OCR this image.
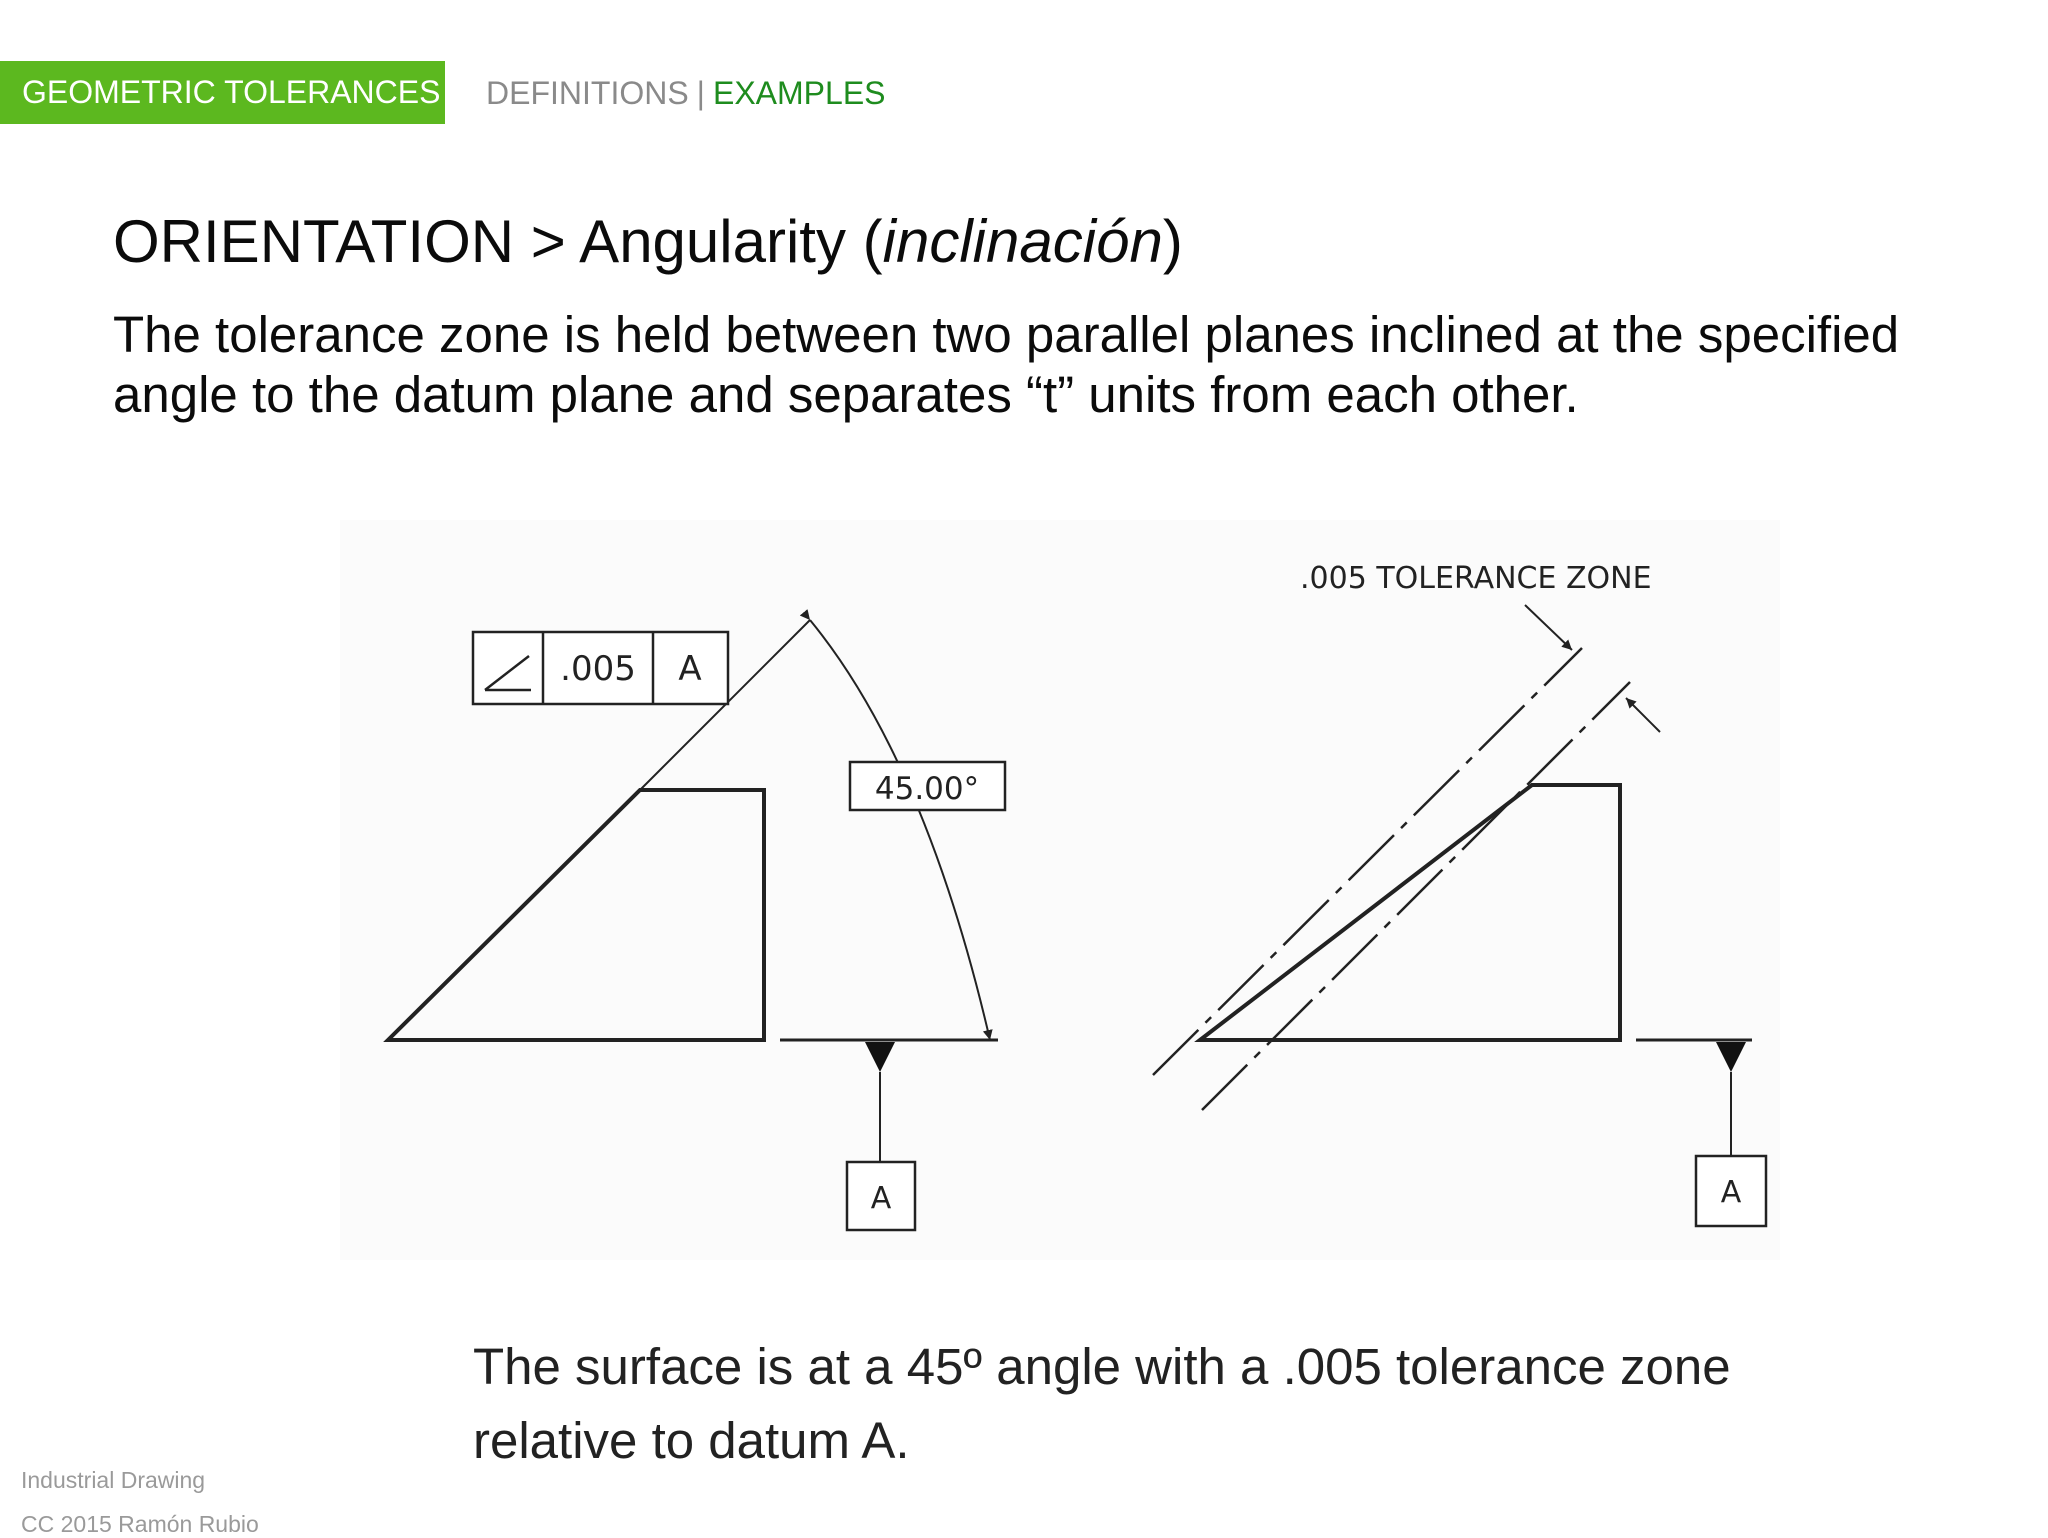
GEOMETRIC TOLERANCES DEFINITIONS | EXAMPLES
ORIENTATION > Angularity (inclinación)

The tolerance zone is held between two parallel planes inclined at the specified angle to the datum plane and separates “t” units from each other.

.005 A
45.00°
A
.005 TOLERANCE ZONE
A

The surface is at a 45º angle with a .005 tolerance zone relative to datum A.

Industrial Drawing
CC 2015 Ramón Rubio
